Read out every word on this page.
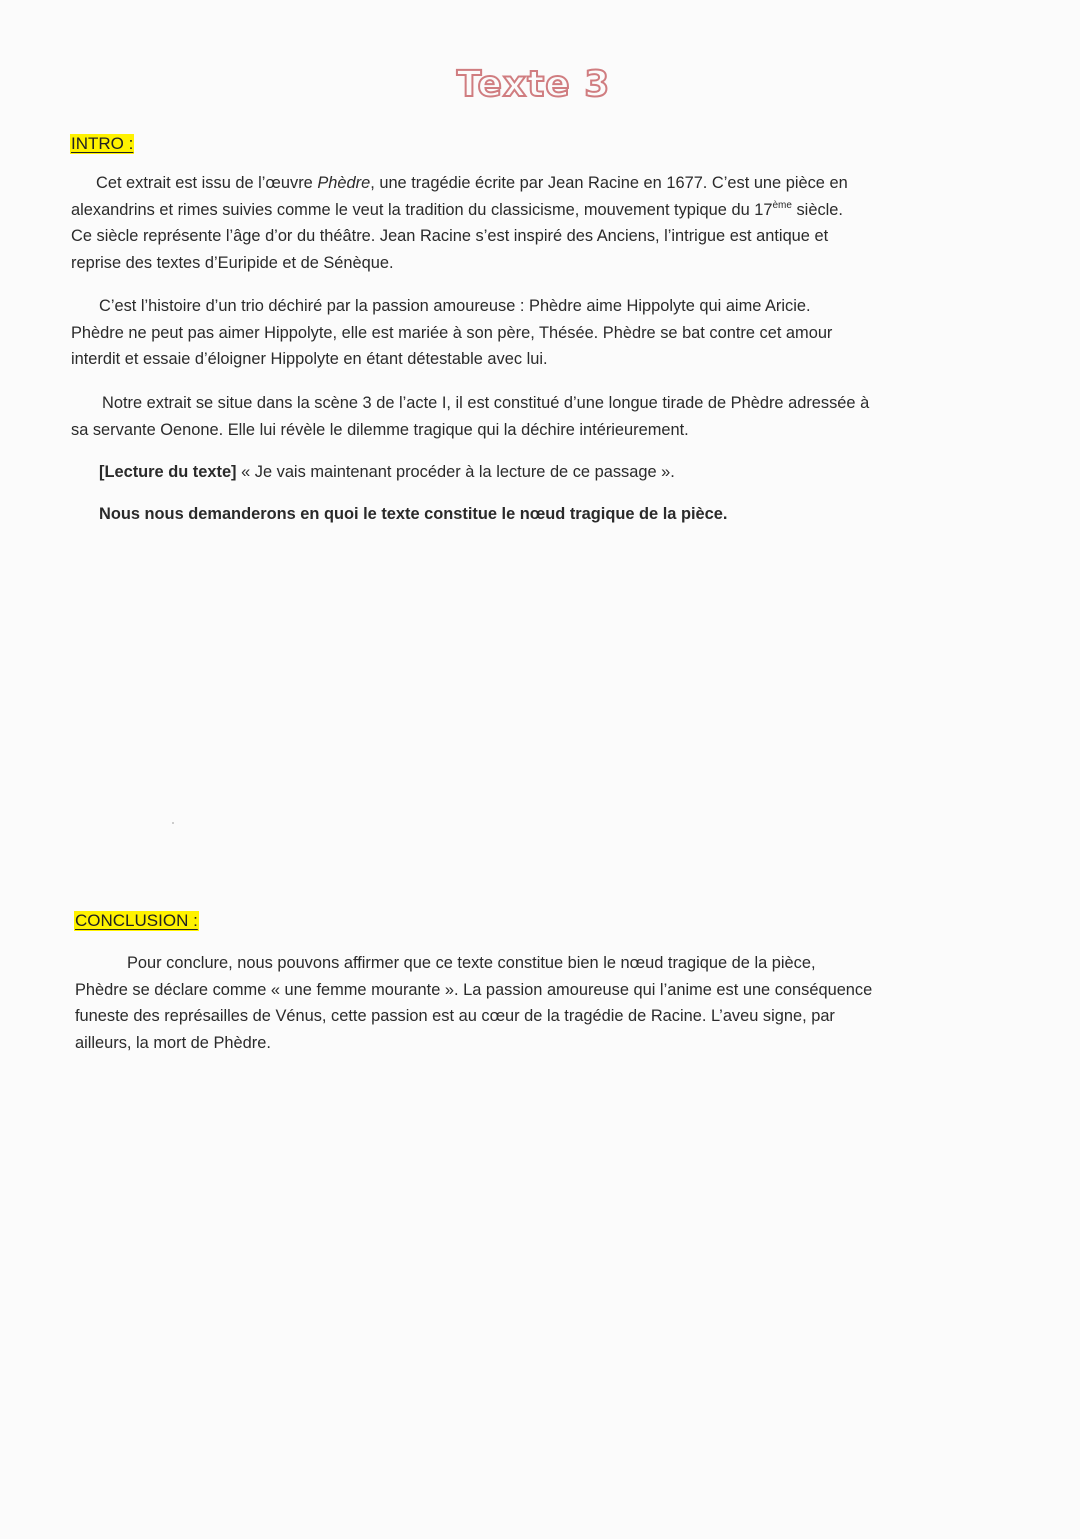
Texte 3
INTRO :
Cet extrait est issu de l’œuvre Phèdre, une tragédie écrite par Jean Racine en 1677. C’est une pièce en
alexandrins et rimes suivies comme le veut la tradition du classicisme, mouvement typique du 17ème siècle.
Ce siècle représente l’âge d’or du théâtre. Jean Racine s’est inspiré des Anciens, l’intrigue est antique et
reprise des textes d’Euripide et de Sénèque.
C’est l’histoire d’un trio déchiré par la passion amoureuse : Phèdre aime Hippolyte qui aime Aricie.
Phèdre ne peut pas aimer Hippolyte, elle est mariée à son père, Thésée. Phèdre se bat contre cet amour
interdit et essaie d’éloigner Hippolyte en étant détestable avec lui.
Notre extrait se situe dans la scène 3 de l’acte I, il est constitué d’une longue tirade de Phèdre adressée à
sa servante Oenone. Elle lui révèle le dilemme tragique qui la déchire intérieurement.
[Lecture du texte] « Je vais maintenant procéder à la lecture de ce passage ».
Nous nous demanderons en quoi le texte constitue le nœud tragique de la pièce.
CONCLUSION :
Pour conclure, nous pouvons affirmer que ce texte constitue bien le nœud tragique de la pièce,
Phèdre se déclare comme « une femme mourante ». La passion amoureuse qui l’anime est une conséquence
funeste des représailles de Vénus, cette passion est au cœur de la tragédie de Racine. L’aveu signe, par
ailleurs, la mort de Phèdre.
